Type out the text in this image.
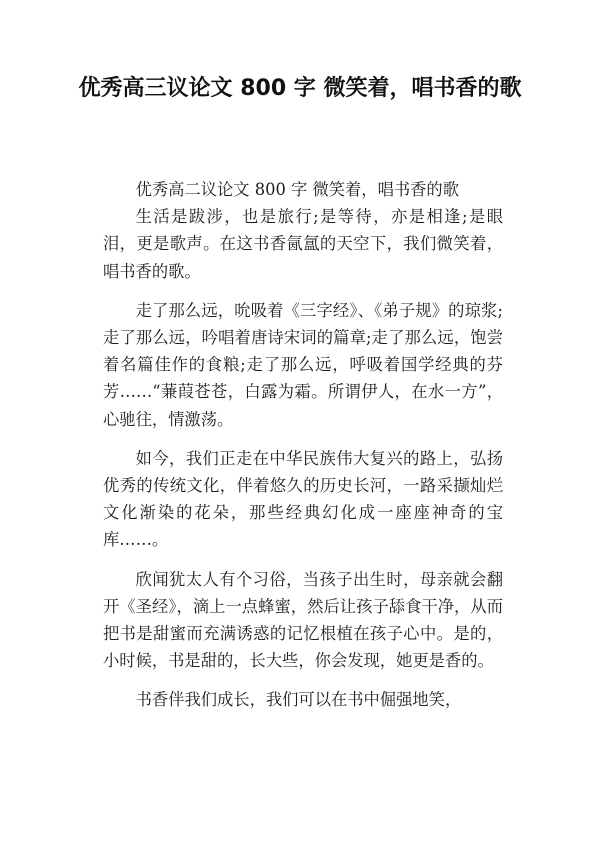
优秀高三议论文 800 字 微笑着，唱书香的歌

优秀高二议论文 800 字 微笑着，唱书香的歌

生活是跋涉，也是旅行;是等待，亦是相逢;是眼泪，更是歌声。在这书香氤氲的天空下，我们微笑着，唱书香的歌。

走了那么远，吮吸着《三字经》、《弟子规》的琼浆;走了那么远，吟唱着唐诗宋词的篇章;走了那么远，饱尝着名篇佳作的食粮;走了那么远，呼吸着国学经典的芬芳……“蒹葭苍苍，白露为霜。所谓伊人，在水一方”，心驰往，情激荡。

如今，我们正走在中华民族伟大复兴的路上，弘扬优秀的传统文化，伴着悠久的历史长河，一路采撷灿烂文化渐染的花朵，那些经典幻化成一座座神奇的宝库……。

欣闻犹太人有个习俗，当孩子出生时，母亲就会翻开《圣经》，滴上一点蜂蜜，然后让孩子舔食干净，从而把书是甜蜜而充满诱惑的记忆根植在孩子心中。是的，小时候，书是甜的，长大些，你会发现，她更是香的。

书香伴我们成长，我们可以在书中倔强地笑，
